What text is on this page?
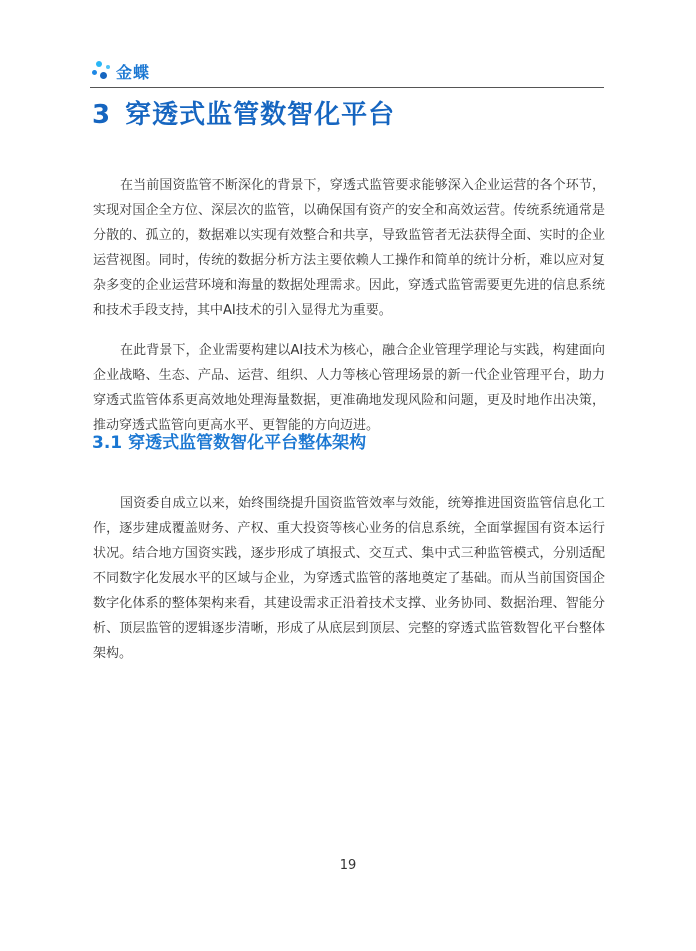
金蝶
3 穿透式监管数智化平台

在当前国资监管不断深化的背景下，穿透式监管要求能够深入企业运营的各个环节，实现对国企全方位、深层次的监管，以确保国有资产的安全和高效运营。传统系统通常是分散的、孤立的，数据难以实现有效整合和共享，导致监管者无法获得全面、实时的企业运营视图。同时，传统的数据分析方法主要依赖人工操作和简单的统计分析，难以应对复杂多变的企业运营环境和海量的数据处理需求。因此，穿透式监管需要更先进的信息系统和技术手段支持，其中AI技术的引入显得尤为重要。

在此背景下，企业需要构建以AI技术为核心，融合企业管理学理论与实践，构建面向企业战略、生态、产品、运营、组织、人力等核心管理场景的新一代企业管理平台，助力穿透式监管体系更高效地处理海量数据，更准确地发现风险和问题，更及时地作出决策，推动穿透式监管向更高水平、更智能的方向迈进。

3.1 穿透式监管数智化平台整体架构

国资委自成立以来，始终围绕提升国资监管效率与效能，统筹推进国资监管信息化工作，逐步建成覆盖财务、产权、重大投资等核心业务的信息系统，全面掌握国有资本运行状况。结合地方国资实践，逐步形成了填报式、交互式、集中式三种监管模式，分别适配不同数字化发展水平的区域与企业，为穿透式监管的落地奠定了基础。而从当前国资国企数字化体系的整体架构来看，其建设需求正沿着技术支撑、业务协同、数据治理、智能分析、顶层监管的逻辑逐步清晰，形成了从底层到顶层、完整的穿透式监管数智化平台整体架构。

19
